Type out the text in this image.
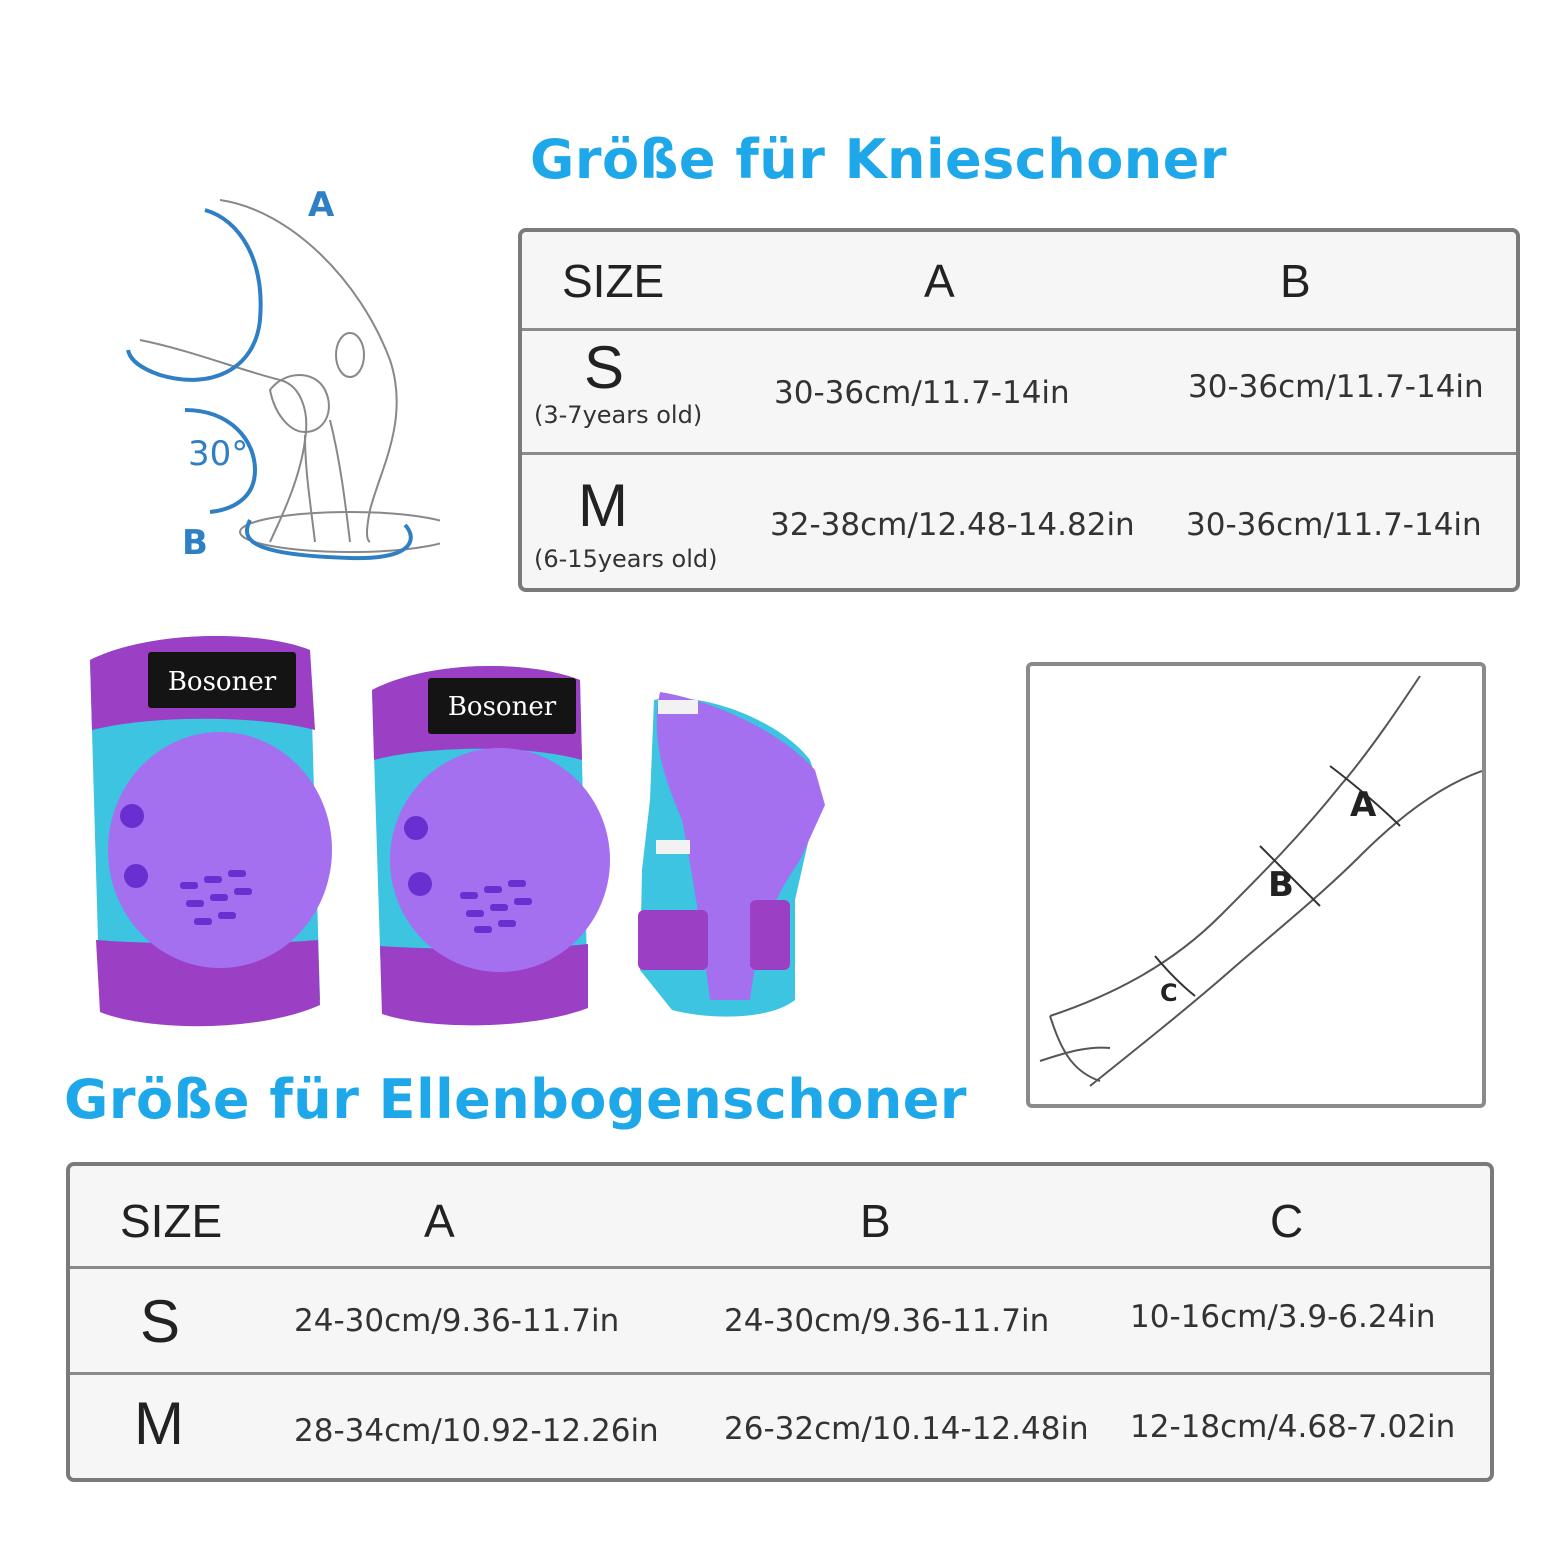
A
30°
B
Größe für Knieschoner
SIZE	A	B
S
(3-7years old)
30-36cm/11.7-14in	30-36cm/11.7-14in
M
(6-15years old)
32-38cm/12.48-14.82in 30-36cm/11.7-14in
Bosoner
Bosoner
A
B
C
Größe für Ellenbogenschoner
SIZE	A	B	C
S	24-30cm/9.36-11.7in	24-30cm/9.36-11.7in	10-16cm/3.9-6.24in
M	28-34cm/10.92-12.26in 26-32cm/10.14-12.48in 12-18cm/4.68-7.02in
